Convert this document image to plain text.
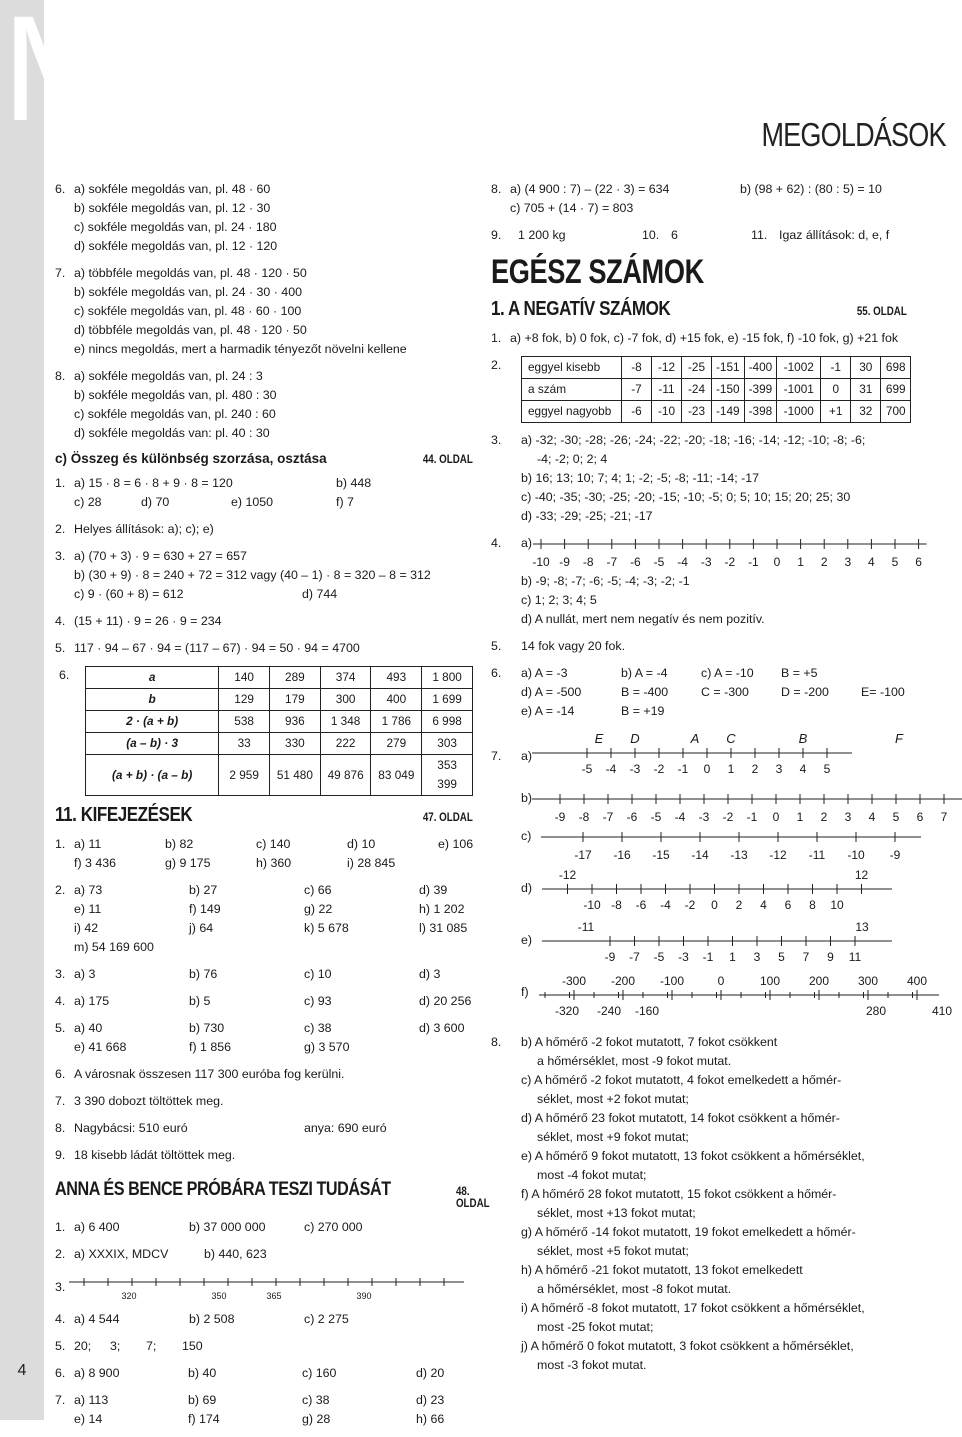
M
4
MEGOLDÁSOK
6. a) sokféle megoldás van, pl. 48 · 60
b) sokféle megoldás van, pl. 12 · 30
c) sokféle megoldás van, pl. 24 · 180
d) sokféle megoldás van, pl. 12 · 120
7. a) többféle megoldás van, pl. 48 · 120 · 50
b) sokféle megoldás van, pl. 24 · 30 · 400
c) sokféle megoldás van, pl. 48 · 60 · 100
d) többféle megoldás van, pl. 48 · 120 · 50
e) nincs megoldás, mert a harmadik tényezőt növelni kellene
8. a) sokféle megoldás van, pl. 24 : 3
b) sokféle megoldás van, pl. 480 : 30
c) sokféle megoldás van, pl. 240 : 60
d) sokféle megoldás van: pl. 40 : 30
c) Összeg és különbség szorzása, osztása	44. OLDAL
1. a) 15 · 8 = 6 · 8 + 9 · 8 = 120	b) 448
c) 28	d) 70	e) 1050	f) 7
2. Helyes állítások: a); c); e)
3. a) (70 + 3) · 9 = 630 + 27 = 657
b) (30 + 9) · 8 = 240 + 72 = 312 vagy (40 – 1) · 8 = 320 – 8 = 312
c) 9 · (60 + 8) = 612	d) 744
4. (15 + 11) · 9 = 26 · 9 = 234
5. 117 · 94 – 67 · 94 = (117 – 67) · 94 = 50 · 94 = 4700
6.	a	140	289	374	493	1 800
b	129	179	300	400	1 699
2 · (a + b)	538	936	1 348	1 786	6 998
(a – b) · 3	33	330	222	279	303
(a + b) · (a – b)	2 959	51 480	49 876	83 049	353 399
11. KIFEJEZÉSEK	47. OLDAL
1. a) 11	b) 82	c) 140	d) 10	e) 106
f) 3 436	g) 9 175	h) 360	i) 28 845
2. a) 73	b) 27	c) 66	d) 39
e) 11	f) 149	g) 22	h) 1 202
i) 42	j) 64	k) 5 678	l) 31 085
m) 54 169 600
3. a) 3	b) 76	c) 10	d) 3
4. a) 175	b) 5	c) 93	d) 20 256
5. a) 40	b) 730	c) 38	d) 3 600
e) 41 668	f) 1 856	g) 3 570
6. A városnak összesen 117 300 euróba fog kerülni.
7. 3 390 dobozt töltöttek meg.
8. Nagybácsi: 510 euró	anya: 690 euró
9. 18 kisebb ládát töltöttek meg.
ANNA ÉS BENCE PRÓBÁRA TESZI TUDÁSÁT	48. OLDAL
1. a) 6 400	b) 37 000 000	c) 270 000
2. a) XXXIX, MDCV	b) 440, 623
3.
320	350	365	390
4. a) 4 544	b) 2 508	c) 2 275
5. 20;	3;	7;	150
6. a) 8 900	b) 40	c) 160	d) 20
7. a) 113	b) 69	c) 38	d) 23
e) 14	f) 174	g) 28	h) 66
8. a) (4 900 : 7) – (22 · 3) = 634	b) (98 + 62) : (80 : 5) = 10
c) 705 + (14 · 7) = 803
9.	1 200 kg	10. 6	11. Igaz állítások: d, e, f
EGÉSZ SZÁMOK
1. A NEGATÍV SZÁMOK	55. OLDAL
1. a) +8 fok, b) 0 fok, c) -7 fok, d) +15 fok, e) -15 fok, f) -10 fok, g) +21 fok
2. eggyel kisebb	-8	-12	-25	-151	-400	-1002	-1	30	698
a szám	-7	-11	-24	-150	-399	-1001	0	31	699
eggyel nagyobb	-6	-10	-23	-149	-398	-1000	+1	32	700
3. a) -32; -30; -28; -26; -24; -22; -20; -18; -16; -14; -12; -10; -8; -6;
-4; -2; 0; 2; 4
b) 16; 13; 10; 7; 4; 1; -2; -5; -8; -11; -14; -17
c) -40; -35; -30; -25; -20; -15; -10; -5; 0; 5; 10; 15; 20; 25; 30
d) -33; -29; -25; -21; -17
4. a)
-10 -9 -8 -7 -6 -5 -4 -3 -2 -1 0 1 2 3 4 5 6
b) -9; -8; -7; -6; -5; -4; -3; -2; -1
c) 1; 2; 3; 4; 5
d) A nullát, mert nem negatív és nem pozitív.
5. 14 fok vagy 20 fok.
6. a) A = -3	b) A = -4	c) A = -10	B = +5
d) A = -500	B = -400	C = -300	D = -200	E= -100
e) A = -14	B = +19
7. a)
-5 -4 -3 -2 -1 0 1 2 3 4 5
E D	A C	B	F
b)
-9 -8 -7 -6 -5 -4 -3 -2 -1 0 1 2 3 4 5 6 7
c)
-17 -16 -15 -14 -13 -12 -11 -10 -9
d)
-12	12
-10 -8 -6 -4 -2 0 2 4 6 8 10
e)
-11	13
-9 -7 -5 -3 -1 1 3 5 7 9 11
f)
-300 -200 -100	0	100 200 300 400
-320 -240 -160	280	410
8. b) A hőmérő -2 fokot mutatott, 7 fokot csökkent
a hőmérséklet, most -9 fokot mutat.
c) A hőmérő -2 fokot mutatott, 4 fokot emelkedett a hőmér-
séklet, most +2 fokot mutat;
d) A hőmérő 23 fokot mutatott, 14 fokot csökkent a hőmér-
séklet, most +9 fokot mutat;
e) A hőmérő 9 fokot mutatott, 13 fokot csökkent a hőmérséklet,
most -4 fokot mutat;
f) A hőmérő 28 fokot mutatott, 15 fokot csökkent a hőmér-
séklet, most +13 fokot mutat;
g) A hőmérő -14 fokot mutatott, 19 fokot emelkedett a hőmér-
séklet, most +5 fokot mutat;
h) A hőmérő -21 fokot mutatott, 13 fokot emelkedett
a hőmérséklet, most -8 fokot mutat.
i) A hőmérő -8 fokot mutatott, 17 fokot csökkent a hőmérséklet,
most -25 fokot mutat;
j) A hőmérő 0 fokot mutatott, 3 fokot csökkent a hőmérséklet,
most -3 fokot mutat.
